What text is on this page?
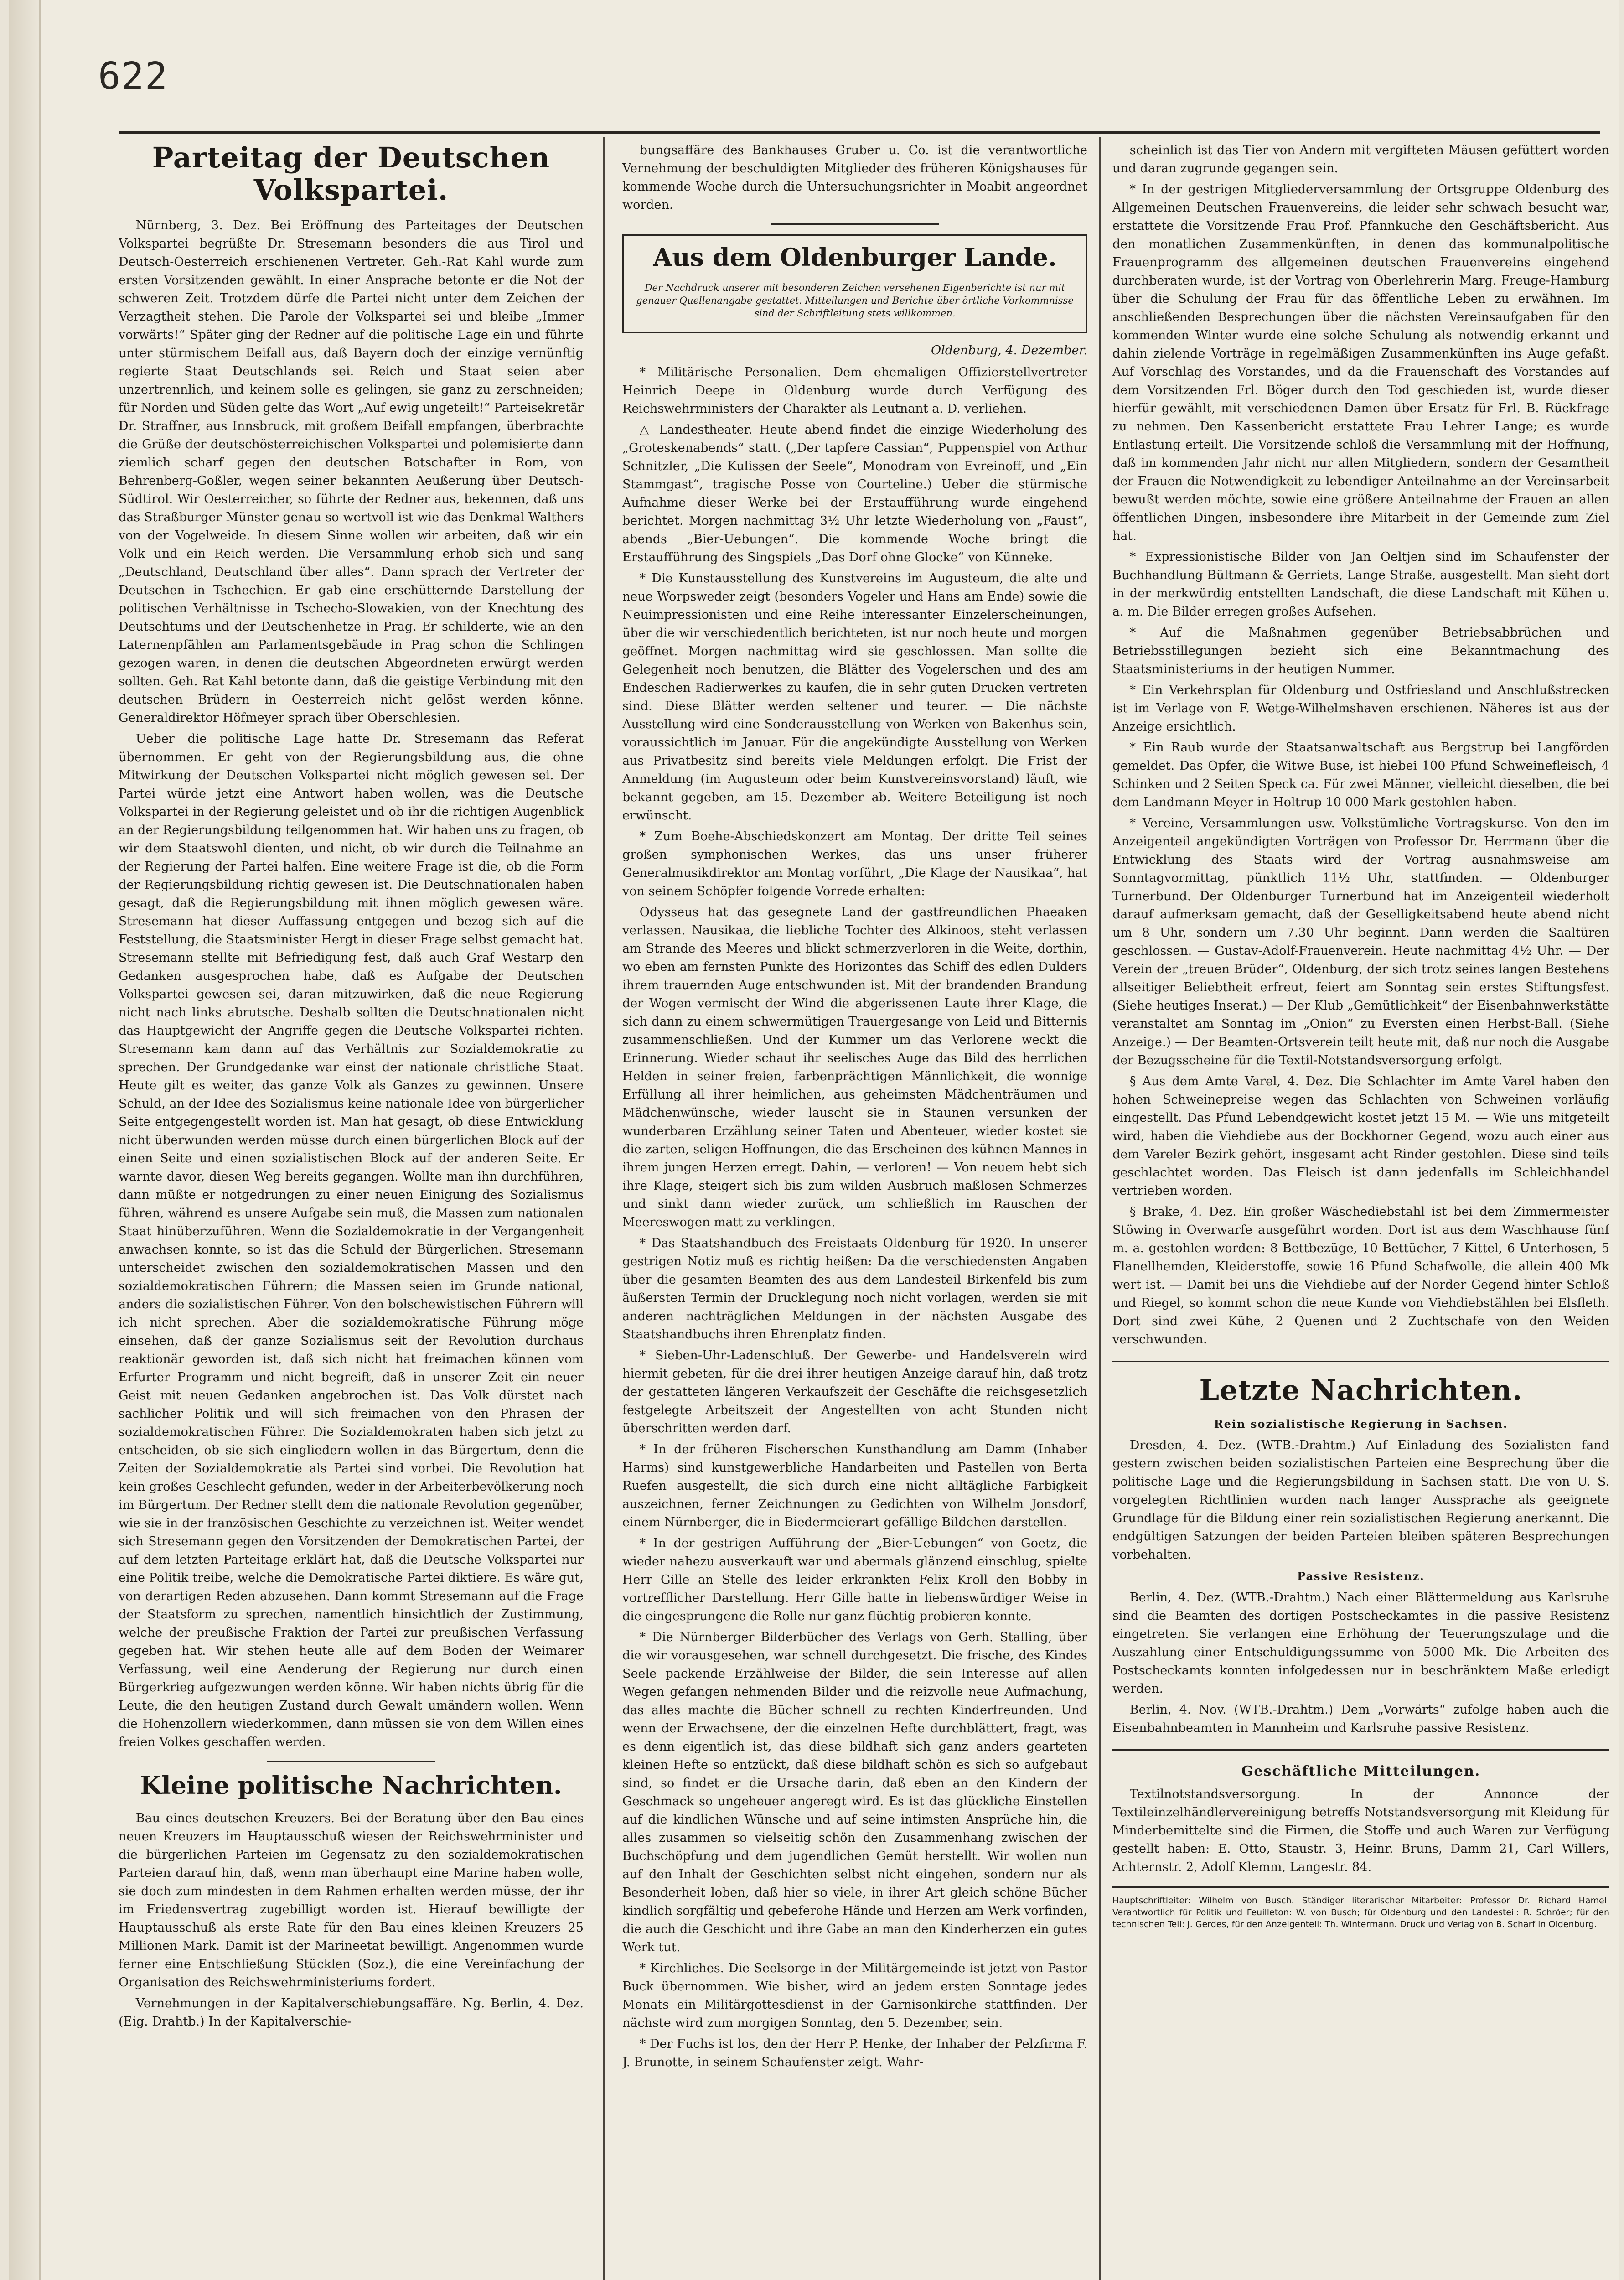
622
Parteitag der Deutschen Volkspartei.

Nürnberg, 3. Dez. Bei Eröffnung des Parteitages der Deutschen Volkspartei begrüßte Dr. Stresemann besonders die aus Tirol und Deutsch-Oesterreich erschienenen Vertreter. Geh.-Rat Kahl wurde zum ersten Vorsitzenden gewählt. In einer Ansprache betonte er die Not der schweren Zeit. Trotzdem dürfe die Partei nicht unter dem Zeichen der Verzagtheit stehen. Die Parole der Volkspartei sei und bleibe „Immer vorwärts!“ Später ging der Redner auf die politische Lage ein und führte unter stürmischem Beifall aus, daß Bayern doch der einzige vernünftig regierte Staat Deutschlands sei. Reich und Staat seien aber unzertrennlich, und keinem solle es gelingen, sie ganz zu zerschneiden; für Norden und Süden gelte das Wort „Auf ewig ungeteilt!“ Parteisekretär Dr. Straffner, aus Innsbruck, mit großem Beifall empfangen, überbrachte die Grüße der deutschösterreichischen Volkspartei und polemisierte dann ziemlich scharf gegen den deutschen Botschafter in Rom, von Behrenberg-Goßler, wegen seiner bekannten Aeußerung über Deutsch-Südtirol. Wir Oesterreicher, so führte der Redner aus, bekennen, daß uns das Straßburger Münster genau so wertvoll ist wie das Denkmal Walthers von der Vogelweide. In diesem Sinne wollen wir arbeiten, daß wir ein Volk und ein Reich werden. Die Versammlung erhob sich und sang „Deutschland, Deutschland über alles“. Dann sprach der Vertreter der Deutschen in Tschechien. Er gab eine erschütternde Darstellung der politischen Verhältnisse in Tschecho-Slowakien, von der Knechtung des Deutschtums und der Deutschenhetze in Prag. Er schilderte, wie an den Laternenpfählen am Parlamentsgebäude in Prag schon die Schlingen gezogen waren, in denen die deutschen Abgeordneten erwürgt werden sollten. Geh. Rat Kahl betonte dann, daß die geistige Verbindung mit den deutschen Brüdern in Oesterreich nicht gelöst werden könne. Generaldirektor Höfmeyer sprach über Oberschlesien.

Ueber die politische Lage hatte Dr. Stresemann das Referat übernommen. Er geht von der Regierungsbildung aus, die ohne Mitwirkung der Deutschen Volkspartei nicht möglich gewesen sei. Der Partei würde jetzt eine Antwort haben wollen, was die Deutsche Volkspartei in der Regierung geleistet und ob ihr die richtigen Augenblick an der Regierungsbildung teilgenommen hat. Wir haben uns zu fragen, ob wir dem Staatswohl dienten, und nicht, ob wir durch die Teilnahme an der Regierung der Partei halfen. Eine weitere Frage ist die, ob die Form der Regierungsbildung richtig gewesen ist. Die Deutschnationalen haben gesagt, daß die Regierungsbildung mit ihnen möglich gewesen wäre. Stresemann hat dieser Auffassung entgegen und bezog sich auf die Feststellung, die Staatsminister Hergt in dieser Frage selbst gemacht hat. Stresemann stellte mit Befriedigung fest, daß auch Graf Westarp den Gedanken ausgesprochen habe, daß es Aufgabe der Deutschen Volkspartei gewesen sei, daran mitzuwirken, daß die neue Regierung nicht nach links abrutsche. Deshalb sollten die Deutschnationalen nicht das Hauptgewicht der Angriffe gegen die Deutsche Volkspartei richten. Stresemann kam dann auf das Verhältnis zur Sozialdemokratie zu sprechen. Der Grundgedanke war einst der nationale christliche Staat. Heute gilt es weiter, das ganze Volk als Ganzes zu gewinnen. Unsere Schuld, an der Idee des Sozialismus keine nationale Idee von bürgerlicher Seite entgegengestellt worden ist. Man hat gesagt, ob diese Entwicklung nicht überwunden werden müsse durch einen bürgerlichen Block auf der einen Seite und einen sozialistischen Block auf der anderen Seite. Er warnte davor, diesen Weg bereits gegangen. Wollte man ihn durchführen, dann müßte er notgedrungen zu einer neuen Einigung des Sozialismus führen, während es unsere Aufgabe sein muß, die Massen zum nationalen Staat hinüberzuführen. Wenn die Sozialdemokratie in der Vergangenheit anwachsen konnte, so ist das die Schuld der Bürgerlichen. Stresemann unterscheidet zwischen den sozialdemokratischen Massen und den sozialdemokratischen Führern; die Massen seien im Grunde national, anders die sozialistischen Führer. Von den bolschewistischen Führern will ich nicht sprechen. Aber die sozialdemokratische Führung möge einsehen, daß der ganze Sozialismus seit der Revolution durchaus reaktionär geworden ist, daß sich nicht hat freimachen können vom Erfurter Programm und nicht begreift, daß in unserer Zeit ein neuer Geist mit neuen Gedanken angebrochen ist. Das Volk dürstet nach sachlicher Politik und will sich freimachen von den Phrasen der sozialdemokratischen Führer. Die Sozialdemokraten haben sich jetzt zu entscheiden, ob sie sich eingliedern wollen in das Bürgertum, denn die Zeiten der Sozialdemokratie als Partei sind vorbei. Die Revolution hat kein großes Geschlecht gefunden, weder in der Arbeiterbevölkerung noch im Bürgertum. Der Redner stellt dem die nationale Revolution gegenüber, wie sie in der französischen Geschichte zu verzeichnen ist. Weiter wendet sich Stresemann gegen den Vorsitzenden der Demokratischen Partei, der auf dem letzten Parteitage erklärt hat, daß die Deutsche Volkspartei nur eine Politik treibe, welche die Demokratische Partei diktiere. Es wäre gut, von derartigen Reden abzusehen. Dann kommt Stresemann auf die Frage der Staatsform zu sprechen, namentlich hinsichtlich der Zustimmung, welche der preußische Fraktion der Partei zur preußischen Verfassung gegeben hat. Wir stehen heute alle auf dem Boden der Weimarer Verfassung, weil eine Aenderung der Regierung nur durch einen Bürgerkrieg aufgezwungen werden könne. Wir haben nichts übrig für die Leute, die den heutigen Zustand durch Gewalt umändern wollen. Wenn die Hohenzollern wiederkommen, dann müssen sie von dem Willen eines freien Volkes geschaffen werden.

Kleine politische Nachrichten.

Bau eines deutschen Kreuzers. Bei der Beratung über den Bau eines neuen Kreuzers im Hauptausschuß wiesen der Reichswehrminister und die bürgerlichen Parteien im Gegensatz zu den sozialdemokratischen Parteien darauf hin, daß, wenn man überhaupt eine Marine haben wolle, sie doch zum mindesten in dem Rahmen erhalten werden müsse, der ihr im Friedensvertrag zugebilligt worden ist. Hierauf bewilligte der Hauptausschuß als erste Rate für den Bau eines kleinen Kreuzers 25 Millionen Mark. Damit ist der Marineetat bewilligt. Angenommen wurde ferner eine Entschließung Stücklen (Soz.), die eine Vereinfachung der Organisation des Reichswehrministeriums fordert.

Vernehmungen in der Kapitalverschiebungsaffäre. Ng. Berlin, 4. Dez. (Eig. Drahtb.) In der Kapitalverschie-

bungsaffäre des Bankhauses Gruber u. Co. ist die verantwortliche Vernehmung der beschuldigten Mitglieder des früheren Königshauses für kommende Woche durch die Untersuchungsrichter in Moabit angeordnet worden.

Aus dem Oldenburger Lande.
Der Nachdruck unserer mit besonderen Zeichen versehenen Eigenberichte ist nur mit genauer Quellenangabe gestattet. Mitteilungen und Berichte über örtliche Vorkommnisse sind der Schriftleitung stets willkommen.
Oldenburg, 4. Dezember.

* Militärische Personalien. Dem ehemaligen Offizierstellvertreter Heinrich Deepe in Oldenburg wurde durch Verfügung des Reichswehrministers der Charakter als Leutnant a. D. verliehen.

△ Landestheater. Heute abend findet die einzige Wiederholung des „Groteskenabends“ statt. („Der tapfere Cassian“, Puppenspiel von Arthur Schnitzler, „Die Kulissen der Seele“, Monodram von Evreinoff, und „Ein Stammgast“, tragische Posse von Courteline.) Ueber die stürmische Aufnahme dieser Werke bei der Erstaufführung wurde eingehend berichtet. Morgen nachmittag 3½ Uhr letzte Wiederholung von „Faust“, abends „Bier-Uebungen“. Die kommende Woche bringt die Erstaufführung des Singspiels „Das Dorf ohne Glocke“ von Künneke.

* Die Kunstausstellung des Kunstvereins im Augusteum, die alte und neue Worpsweder zeigt (besonders Vogeler und Hans am Ende) sowie die Neuimpressionisten und eine Reihe interessanter Einzelerscheinungen, über die wir verschiedentlich berichteten, ist nur noch heute und morgen geöffnet. Morgen nachmittag wird sie geschlossen. Man sollte die Gelegenheit noch benutzen, die Blätter des Vogelerschen und des am Endeschen Radierwerkes zu kaufen, die in sehr guten Drucken vertreten sind. Diese Blätter werden seltener und teurer. — Die nächste Ausstellung wird eine Sonderausstellung von Werken von Bakenhus sein, voraussichtlich im Januar. Für die angekündigte Ausstellung von Werken aus Privatbesitz sind bereits viele Meldungen erfolgt. Die Frist der Anmeldung (im Augusteum oder beim Kunstvereinsvorstand) läuft, wie bekannt gegeben, am 15. Dezember ab. Weitere Beteiligung ist noch erwünscht.

* Zum Boehe-Abschiedskonzert am Montag. Der dritte Teil seines großen symphonischen Werkes, das uns unser früherer Generalmusikdirektor am Montag vorführt, „Die Klage der Nausikaa“, hat von seinem Schöpfer folgende Vorrede erhalten:

Odysseus hat das gesegnete Land der gastfreundlichen Phaeaken verlassen. Nausikaa, die liebliche Tochter des Alkinoos, steht verlassen am Strande des Meeres und blickt schmerzverloren in die Weite, dorthin, wo eben am fernsten Punkte des Horizontes das Schiff des edlen Dulders ihrem trauernden Auge entschwunden ist. Mit der brandenden Brandung der Wogen vermischt der Wind die abgerissenen Laute ihrer Klage, die sich dann zu einem schwermütigen Trauergesange von Leid und Bitternis zusammenschließen. Und der Kummer um das Verlorene weckt die Erinnerung. Wieder schaut ihr seelisches Auge das Bild des herrlichen Helden in seiner freien, farbenprächtigen Männlichkeit, die wonnige Erfüllung all ihrer heimlichen, aus geheimsten Mädchenträumen und Mädchenwünsche, wieder lauscht sie in Staunen versunken der wunderbaren Erzählung seiner Taten und Abenteuer, wieder kostet sie die zarten, seligen Hoffnungen, die das Erscheinen des kühnen Mannes in ihrem jungen Herzen erregt. Dahin, — verloren! — Von neuem hebt sich ihre Klage, steigert sich bis zum wilden Ausbruch maßlosen Schmerzes und sinkt dann wieder zurück, um schließlich im Rauschen der Meereswogen matt zu verklingen.

* Das Staatshandbuch des Freistaats Oldenburg für 1920. In unserer gestrigen Notiz muß es richtig heißen: Da die verschiedensten Angaben über die gesamten Beamten des aus dem Landesteil Birkenfeld bis zum äußersten Termin der Drucklegung noch nicht vorlagen, werden sie mit anderen nachträglichen Meldungen in der nächsten Ausgabe des Staatshandbuchs ihren Ehrenplatz finden.

* Sieben-Uhr-Ladenschluß. Der Gewerbe- und Handelsverein wird hiermit gebeten, für die drei ihrer heutigen Anzeige darauf hin, daß trotz der gestatteten längeren Verkaufszeit der Geschäfte die reichsgesetzlich festgelegte Arbeitszeit der Angestellten von acht Stunden nicht überschritten werden darf.

* In der früheren Fischerschen Kunsthandlung am Damm (Inhaber Harms) sind kunstgewerbliche Handarbeiten und Pastellen von Berta Ruefen ausgestellt, die sich durch eine nicht alltägliche Farbigkeit auszeichnen, ferner Zeichnungen zu Gedichten von Wilhelm Jonsdorf, einem Nürnberger, die in Biedermeierart gefällige Bildchen darstellen.

* In der gestrigen Aufführung der „Bier-Uebungen“ von Goetz, die wieder nahezu ausverkauft war und abermals glänzend einschlug, spielte Herr Gille an Stelle des leider erkrankten Felix Kroll den Bobby in vortrefflicher Darstellung. Herr Gille hatte in liebenswürdiger Weise in die eingesprungene die Rolle nur ganz flüchtig probieren konnte.

* Die Nürnberger Bilderbücher des Verlags von Gerh. Stalling, über die wir vorausgesehen, war schnell durchgesetzt. Die frische, des Kindes Seele packende Erzählweise der Bilder, die sein Interesse auf allen Wegen gefangen nehmenden Bilder und die reizvolle neue Aufmachung, das alles machte die Bücher schnell zu rechten Kinderfreunden. Und wenn der Erwachsene, der die einzelnen Hefte durchblättert, fragt, was es denn eigentlich ist, das diese bildhaft sich ganz anders gearteten kleinen Hefte so entzückt, daß diese bildhaft schön es sich so aufgebaut sind, so findet er die Ursache darin, daß eben an den Kindern der Geschmack so ungeheuer angeregt wird. Es ist das glückliche Einstellen auf die kindlichen Wünsche und auf seine intimsten Ansprüche hin, die alles zusammen so vielseitig schön den Zusammenhang zwischen der Buchschöpfung und dem jugendlichen Gemüt herstellt. Wir wollen nun auf den Inhalt der Geschichten selbst nicht eingehen, sondern nur als Besonderheit loben, daß hier so viele, in ihrer Art gleich schöne Bücher kindlich sorgfältig und gebeferohe Hände und Herzen am Werk vorfinden, die auch die Geschicht und ihre Gabe an man den Kinderherzen ein gutes Werk tut.

* Kirchliches. Die Seelsorge in der Militärgemeinde ist jetzt von Pastor Buck übernommen. Wie bisher, wird an jedem ersten Sonntage jedes Monats ein Militärgottesdienst in der Garnisonkirche stattfinden. Der nächste wird zum morgigen Sonntag, den 5. Dezember, sein.

* Der Fuchs ist los, den der Herr P. Henke, der Inhaber der Pelzfirma F. J. Brunotte, in seinem Schaufenster zeigt. Wahr-

scheinlich ist das Tier von Andern mit vergifteten Mäusen gefüttert worden und daran zugrunde gegangen sein.

* In der gestrigen Mitgliederversammlung der Ortsgruppe Oldenburg des Allgemeinen Deutschen Frauenvereins, die leider sehr schwach besucht war, erstattete die Vorsitzende Frau Prof. Pfannkuche den Geschäftsbericht. Aus den monatlichen Zusammenkünften, in denen das kommunalpolitische Frauenprogramm des allgemeinen deutschen Frauenvereins eingehend durchberaten wurde, ist der Vortrag von Oberlehrerin Marg. Freuge-Hamburg über die Schulung der Frau für das öffentliche Leben zu erwähnen. Im anschließenden Besprechungen über die nächsten Vereinsaufgaben für den kommenden Winter wurde eine solche Schulung als notwendig erkannt und dahin zielende Vorträge in regelmäßigen Zusammenkünften ins Auge gefaßt. Auf Vorschlag des Vorstandes, und da die Frauenschaft des Vorstandes auf dem Vorsitzenden Frl. Böger durch den Tod geschieden ist, wurde dieser hierfür gewählt, mit verschiedenen Damen über Ersatz für Frl. B. Rückfrage zu nehmen. Den Kassenbericht erstattete Frau Lehrer Lange; es wurde Entlastung erteilt. Die Vorsitzende schloß die Versammlung mit der Hoffnung, daß im kommenden Jahr nicht nur allen Mitgliedern, sondern der Gesamtheit der Frauen die Notwendigkeit zu lebendiger Anteilnahme an der Vereinsarbeit bewußt werden möchte, sowie eine größere Anteilnahme der Frauen an allen öffentlichen Dingen, insbesondere ihre Mitarbeit in der Gemeinde zum Ziel hat.

* Expressionistische Bilder von Jan Oeltjen sind im Schaufenster der Buchhandlung Bültmann & Gerriets, Lange Straße, ausgestellt. Man sieht dort in der merkwürdig entstellten Landschaft, die diese Landschaft mit Kühen u. a. m. Die Bilder erregen großes Aufsehen.

* Auf die Maßnahmen gegenüber Betriebsabbrüchen und Betriebsstillegungen bezieht sich eine Bekanntmachung des Staatsministeriums in der heutigen Nummer.

* Ein Verkehrsplan für Oldenburg und Ostfriesland und Anschlußstrecken ist im Verlage von F. Wetge-Wilhelmshaven erschienen. Näheres ist aus der Anzeige ersichtlich.

* Ein Raub wurde der Staatsanwaltschaft aus Bergstrup bei Langförden gemeldet. Das Opfer, die Witwe Buse, ist hiebei 100 Pfund Schweinefleisch, 4 Schinken und 2 Seiten Speck ca. Für zwei Männer, vielleicht dieselben, die bei dem Landmann Meyer in Holtrup 10 000 Mark gestohlen haben.

* Vereine, Versammlungen usw. Volkstümliche Vortragskurse. Von den im Anzeigenteil angekündigten Vorträgen von Professor Dr. Herrmann über die Entwicklung des Staats wird der Vortrag ausnahmsweise am Sonntagvormittag, pünktlich 11½ Uhr, stattfinden. — Oldenburger Turnerbund. Der Oldenburger Turnerbund hat im Anzeigenteil wiederholt darauf aufmerksam gemacht, daß der Geselligkeitsabend heute abend nicht um 8 Uhr, sondern um 7.30 Uhr beginnt. Dann werden die Saaltüren geschlossen. — Gustav-Adolf-Frauenverein. Heute nachmittag 4½ Uhr. — Der Verein der „treuen Brüder“, Oldenburg, der sich trotz seines langen Bestehens allseitiger Beliebtheit erfreut, feiert am Sonntag sein erstes Stiftungsfest. (Siehe heutiges Inserat.) — Der Klub „Gemütlichkeit“ der Eisenbahnwerkstätte veranstaltet am Sonntag im „Onion“ zu Eversten einen Herbst-Ball. (Siehe Anzeige.) — Der Beamten-Ortsverein teilt heute mit, daß nur noch die Ausgabe der Bezugsscheine für die Textil-Notstandsversorgung erfolgt.

§ Aus dem Amte Varel, 4. Dez. Die Schlachter im Amte Varel haben den hohen Schweinepreise wegen das Schlachten von Schweinen vorläufig eingestellt. Das Pfund Lebendgewicht kostet jetzt 15 M. — Wie uns mitgeteilt wird, haben die Viehdiebe aus der Bockhorner Gegend, wozu auch einer aus dem Vareler Bezirk gehört, insgesamt acht Rinder gestohlen. Diese sind teils geschlachtet worden. Das Fleisch ist dann jedenfalls im Schleichhandel vertrieben worden.

§ Brake, 4. Dez. Ein großer Wäschediebstahl ist bei dem Zimmermeister Stöwing in Overwarfe ausgeführt worden. Dort ist aus dem Waschhause fünf m. a. gestohlen worden: 8 Bettbezüge, 10 Bettücher, 7 Kittel, 6 Unterhosen, 5 Flanellhemden, Kleiderstoffe, sowie 16 Pfund Schafwolle, die allein 400 Mk wert ist. — Damit bei uns die Viehdiebe auf der Norder Gegend hinter Schloß und Riegel, so kommt schon die neue Kunde von Viehdiebstählen bei Elsfleth. Dort sind zwei Kühe, 2 Quenen und 2 Zuchtschafe von den Weiden verschwunden.

Letzte Nachrichten.
Rein sozialistische Regierung in Sachsen.

Dresden, 4. Dez. (WTB.-Drahtm.) Auf Einladung des Sozialisten fand gestern zwischen beiden sozialistischen Parteien eine Besprechung über die politische Lage und die Regierungsbildung in Sachsen statt. Die von U. S. vorgelegten Richtlinien wurden nach langer Aussprache als geeignete Grundlage für die Bildung einer rein sozialistischen Regierung anerkannt. Die endgültigen Satzungen der beiden Parteien bleiben späteren Besprechungen vorbehalten.

Passive Resistenz.

Berlin, 4. Dez. (WTB.-Drahtm.) Nach einer Blättermeldung aus Karlsruhe sind die Beamten des dortigen Postscheckamtes in die passive Resistenz eingetreten. Sie verlangen eine Erhöhung der Teuerungszulage und die Auszahlung einer Entschuldigungssumme von 5000 Mk. Die Arbeiten des Postscheckamts konnten infolgedessen nur in beschränktem Maße erledigt werden.

Berlin, 4. Nov. (WTB.-Drahtm.) Dem „Vorwärts“ zufolge haben auch die Eisenbahnbeamten in Mannheim und Karlsruhe passive Resistenz.

Geschäftliche Mitteilungen.

Textilnotstandsversorgung. In der Annonce der Textileinzelhändlervereinigung betreffs Notstandsversorgung mit Kleidung für Minderbemittelte sind die Firmen, die Stoffe und auch Waren zur Verfügung gestellt haben: E. Otto, Staustr. 3, Heinr. Bruns, Damm 21, Carl Willers, Achternstr. 2, Adolf Klemm, Langestr. 84.

Hauptschriftleiter: Wilhelm von Busch. Ständiger literarischer Mitarbeiter: Professor Dr. Richard Hamel. Verantwortlich für Politik und Feuilleton: W. von Busch; für Oldenburg und den Landesteil: R. Schröer; für den technischen Teil: J. Gerdes, für den Anzeigenteil: Th. Wintermann. Druck und Verlag von B. Scharf in Oldenburg.
